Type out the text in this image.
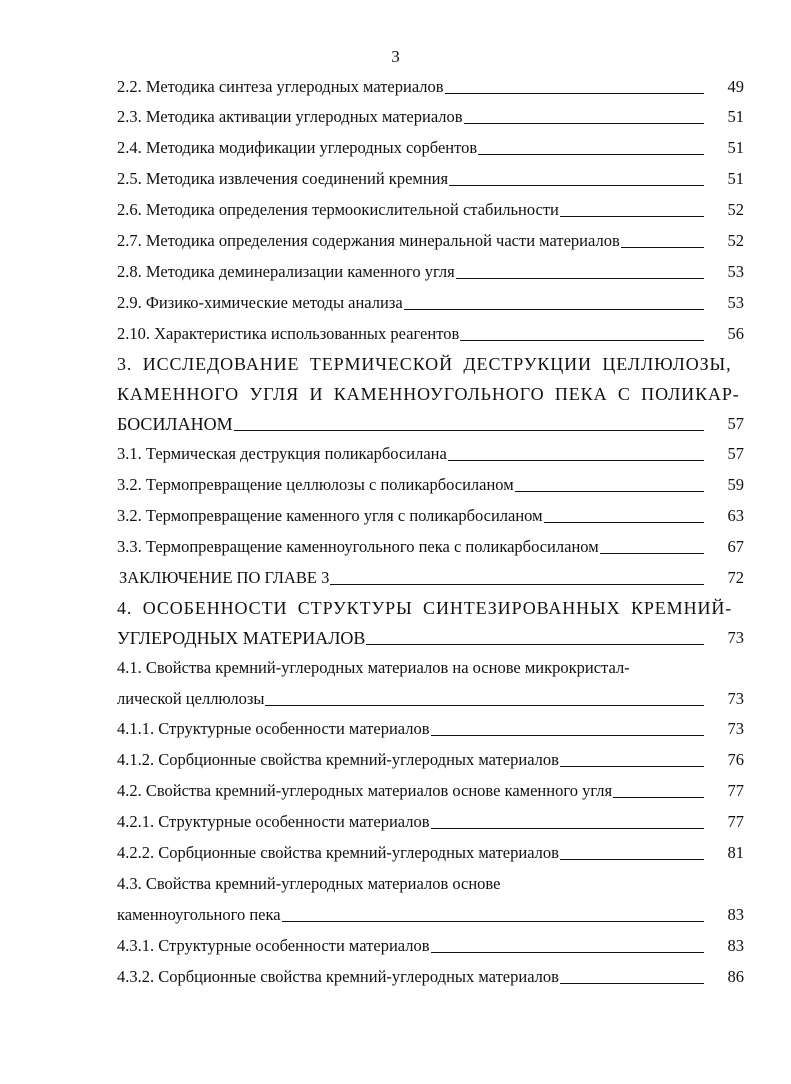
3
2.2. Методика синтеза углеродных материалов	49
2.3. Методика активации углеродных материалов	51
2.4. Методика модификации углеродных сорбентов	51
2.5. Методика извлечения соединений кремния	51
2.6. Методика определения термоокислительной стабильности	52
2.7. Методика определения содержания минеральной части материалов	52
2.8. Методика деминерализации каменного угля	53
2.9. Физико-химические методы анализа	53
2.10. Характеристика использованных реагентов	56
3. ИССЛЕДОВАНИЕ ТЕРМИЧЕСКОЙ ДЕСТРУКЦИИ ЦЕЛЛЮЛОЗЫ,
КАМЕННОГО УГЛЯ И КАМЕННОУГОЛЬНОГО ПЕКА С ПОЛИКАР-
БОСИЛАНОМ	57
3.1. Термическая деструкция поликарбосилана	57
3.2. Термопревращение целлюлозы с поликарбосиланом	59
3.2. Термопревращение каменного угля с поликарбосиланом	63
3.3. Термопревращение каменноугольного пека с поликарбосиланом	67
ЗАКЛЮЧЕНИЕ ПО ГЛАВЕ 3	72
4. ОСОБЕННОСТИ СТРУКТУРЫ СИНТЕЗИРОВАННЫХ КРЕМНИЙ-
УГЛЕРОДНЫХ МАТЕРИАЛОВ	73
4.1. Свойства кремний-углеродных материалов на основе микрокристал-
лической целлюлозы	73
4.1.1. Структурные особенности материалов	73
4.1.2. Сорбционные свойства кремний-углеродных материалов	76
4.2. Свойства кремний-углеродных материалов основе каменного угля	77
4.2.1. Структурные особенности материалов	77
4.2.2. Сорбционные свойства кремний-углеродных материалов	81
4.3. Свойства кремний-углеродных материалов основе
каменноугольного пека	83
4.3.1. Структурные особенности материалов	83
4.3.2. Сорбционные свойства кремний-углеродных материалов	86
